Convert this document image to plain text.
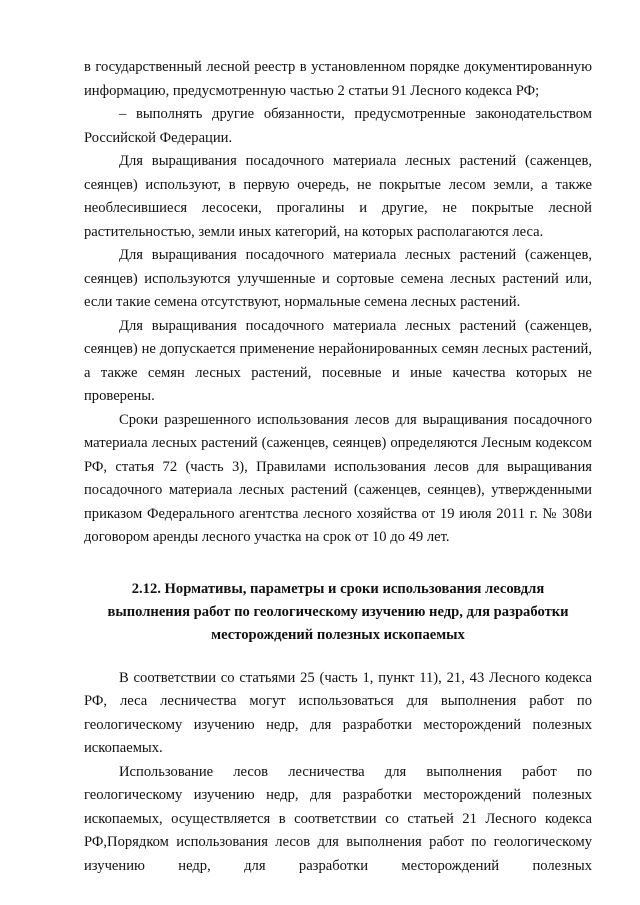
в государственный лесной реестр в установленном порядке документированную информацию, предусмотренную частью 2 статьи 91 Лесного кодекса РФ;

– выполнять другие обязанности, предусмотренные законодательством Российской Федерации.

Для выращивания посадочного материала лесных растений (саженцев, сеянцев) используют, в первую очередь, не покрытые лесом земли, а также необлесившиеся лесосеки, прогалины и другие, не покрытые лесной растительностью, земли иных категорий, на которых располагаются леса.

Для выращивания посадочного материала лесных растений (саженцев, сеянцев) используются улучшенные и сортовые семена лесных растений или, если такие семена отсутствуют, нормальные семена лесных растений.

Для выращивания посадочного материала лесных растений (саженцев, сеянцев) не допускается применение нерайонированных семян лесных растений, а также семян лесных растений, посевные и иные качества которых не проверены.

Сроки разрешенного использования лесов для выращивания посадочного материала лесных растений (саженцев, сеянцев) определяются Лесным кодексом РФ, статья 72 (часть 3), Правилами использования лесов для выращивания посадочного материала лесных растений (саженцев, сеянцев), утвержденными приказом Федерального агентства лесного хозяйства от 19 июля 2011 г. № 308и договором аренды лесного участка на срок от 10 до 49 лет.

2.12. Нормативы, параметры и сроки использования лесовдля
выполнения работ по геологическому изучению недр, для разработки
месторождений полезных ископаемых

В соответствии со статьями 25 (часть 1, пункт 11), 21, 43 Лесного кодекса РФ, леса лесничества могут использоваться для выполнения работ по геологическому изучению недр, для разработки месторождений полезных ископаемых.

Использование лесов лесничества для выполнения работ по геологическому изучению недр, для разработки месторождений полезных ископаемых, осуществляется в соответствии со статьей 21 Лесного кодекса РФ,Порядком использования лесов для выполнения работ по геологическому изучению недр, для разработки месторождений полезных
